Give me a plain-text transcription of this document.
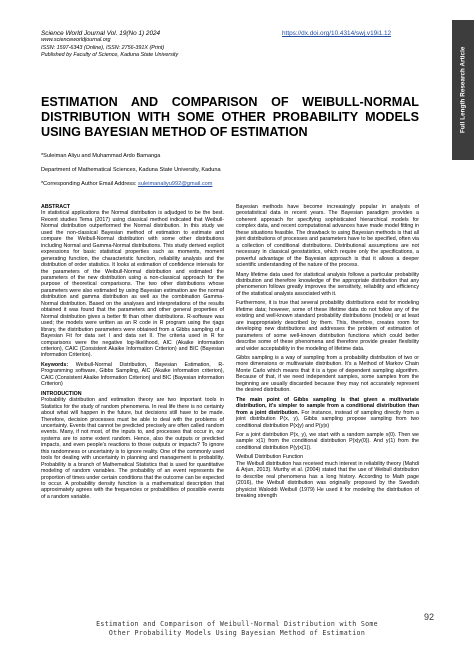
Science World Journal Vol. 19(No 1) 2024
www.scienceworldjournal.org
ISSN: 1597-6343 (Online), ISSN: 2756-391X (Print)
Published by Faculty of Science, Kaduna State University
https://dx.doi.org/10.4314/swj.v19i1.12
Full Length Research Article
ESTIMATION AND COMPARISON OF WEIBULL-NORMAL
DISTRIBUTION WITH SOME OTHER PROBABILITY MODELS
USING BAYESIAN METHOD OF ESTIMATION
*Suleiman Aliyu and Muhammad Ardo Bamanga
Department of Mathematical Sciences, Kaduna State University, Kaduna
*Corresponding Author Email Address: suleimanaliyu992@gmail.com

ABSTRACT

In statistical applications the Normal distribution is adjudged to be the best. Recent studies Tema (2017) using classical method indicated that Weibull-Normal distribution outperformed the Normal distribution. In this study we used the non-classical Bayesian method of estimation to estimate and compare the Weibull-Normal distribution with some other distributions including Normal and Gamma-Normal distributions. This study derived explicit expressions for basic statistical properties such as moments, moment generating function, the characteristic function, reliability analysis and the distribution of order statistics. It looks at estimation of confidence intervals for the parameters of the Weibull-Normal distribution and estimated the parameters of the new distribution using a non-classical approach for the purpose of theoretical comparisons. The two other distributions whose parameters were also estimated by using Bayesian estimation are the normal distribution and gamma distribution as well as the combination Gamma-Normal distribution. Based on the analyses and interpretations of the results obtained it was found that the parameters and other general properties of Normal distribution gives a better fit than other distributions. R-software was used; the models were written as an R code in R program using the rjags library, the distribution parameters were obtained from a Gibbs sampling of a Bayesian Fit for data set I and data set II. The criteria used in R for comparisons were the negative log-likelihood, AIC (Akaike information criterion), CAIC (Consistent Akaike Information Criterion) and BIC (Bayesian information Criterion).

Keywords: Weibull-Normal Distribution, Bayesian Estimation, R-Programming software, Gibbs Sampling, AIC (Akaike information criterion), CAIC (Consistent Akaike Information Criterion) and BIC (Bayesian information Criterion)

INTRODUCTION

Probability distribution and estimation theory are two important tools in Statistics for the study of random phenomena. In real life there is no certainty about what will happen in the future, but decisions still have to be made. Therefore, decision processes must be able to deal with the problems of uncertainty. Events that cannot be predicted precisely are often called random events. Many, if not most, of the inputs to, and processes that occur in, our systems are to some extent random. Hence, also the outputs or predicted impacts, and even people's reactions to those outputs or impacts? To ignore this randomness or uncertainty is to ignore reality. One of the commonly used tools for dealing with uncertainty in planning and management is probability. Probability is a branch of Mathematical Statistics that is used for quantitative modeling of random variables. The probability of an event represents the proportion of times under certain conditions that the outcome can be expected to occur. A probability density function is a mathematical description that approximately agrees with the frequencies or probabilities of possible events of a random variable.

Bayesian methods have become increasingly popular in analysis of geostatistical data in recent years. The Bayesian paradigm provides a coherent approach for specifying sophisticated hierarchical models for complex data, and recent computational advances have made model fitting in these situations feasible. The drawback to using Bayesian methods is that all joint distributions of processes and parameters have to be specified, often via a collection of conditional distributions. Distributional assumptions are not necessary in classical geostatistics, which require only the specifications, a powerful advantage of the Bayesian approach is that it allows a deeper scientific understanding of the nature of the process.

Many lifetime data used for statistical analysis follows a particular probability distribution and therefore knowledge of the appropriate distribution that any phenomenon follows greatly improves the sensitivity, reliability and efficiency of the statistical analysis associated with it.

Furthermore, it is true that several probability distributions exist for modeling lifetime data; however, some of these lifetime data do not follow any of the existing and well-known standard probability distributions (models) or at least are inappropriately described by them. This, therefore, creates room for developing new distributions and addresses the problem of estimation of parameters of some well-known distribution functions which could better describe some of these phenomena and therefore provide greater flexibility and wider acceptability in the modeling of lifetime data.

Gibbs sampling is a way of sampling from a probability distribution of two or more dimensions or multivariate distribution. It's a Method of Markov Chain Monte Carlo which means that it is a type of dependent sampling algorithm. Because of that, if we need independent samples, some samples from the beginning are usually discarded because they may not accurately represent the desired distribution.

The main point of Gibbs sampling is that given a multivariate distribution, it's simpler to sample from a conditional distribution than from a joint distribution. For instance, instead of sampling directly from a joint distribution P(x, y), Gibbs sampling propose sampling from two conditional distribution P(x|y) and P(y|x)

For a joint distribution P(x, y), we start with a random sample x(0). Then we sample x(1) from the conditional distribution P(x|y(0)). And y(1) from the conditional distribution P(y|x(1)).

Weibull Distribution Function

The Weibull distribution has received much interest in reliability theory (Mahdi & Arjun, 2013). Murthy et al. (2004) stated that the use of Weibull distribution to describe real phenomena has a long history. According to Math page (2016), the Weibull distribution was originally proposed by the Swedish physicist Waloddi Weibull (1979) He used it for modeling the distribution of breaking strength

Estimation and Comparison of Weibull-Normal Distribution with Some
Other Probability Models Using Bayesian Method of Estimation
92
